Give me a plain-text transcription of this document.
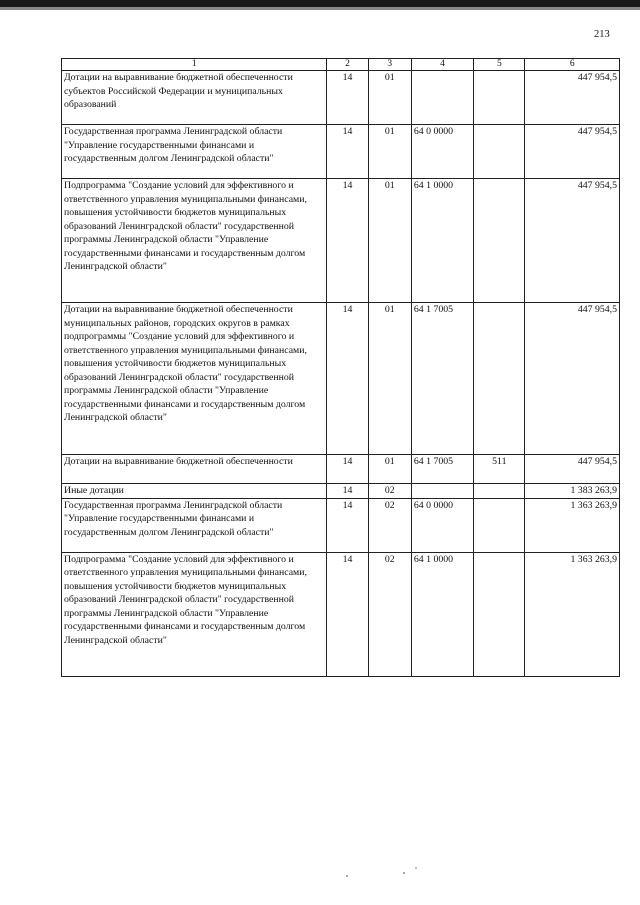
213
1	2	3	4	5	6
Дотации на выравнивание бюджетной обеспеченности субъектов Российской Федерации и муниципальных образований	14	01			447 954,5
Государственная программа Ленинградской области "Управление государственными финансами и государственным долгом Ленинградской области"	14	01	64 0 0000		447 954,5
Подпрограмма "Создание условий для эффективного и ответственного управления муниципальными финансами, повышения устойчивости бюджетов муниципальных образований Ленинградской области" государственной программы Ленинградской области "Управление государственными финансами и государственным долгом Ленинградской области"	14	01	64 1 0000		447 954,5
Дотации на выравнивание бюджетной обеспеченности муниципальных районов, городских округов в рамках подпрограммы "Создание условий для эффективного и ответственного управления муниципальными финансами, повышения устойчивости бюджетов муниципальных образований Ленинградской области" государственной программы Ленинградской области "Управление государственными финансами и государственным долгом Ленинградской области"	14	01	64 1 7005		447 954,5
Дотации на выравнивание бюджетной обеспеченности	14	01	64 1 7005	511	447 954,5
Иные дотации	14	02			1 383 263,9
Государственная программа Ленинградской области "Управление государственными финансами и государственным долгом Ленинградской области"	14	02	64 0 0000		1 363 263,9
Подпрограмма "Создание условий для эффективного и ответственного управления муниципальными финансами, повышения устойчивости бюджетов муниципальных образований Ленинградской области" государственной программы Ленинградской области "Управление государственными финансами и государственным долгом Ленинградской области"	14	02	64 1 0000		1 363 263,9
